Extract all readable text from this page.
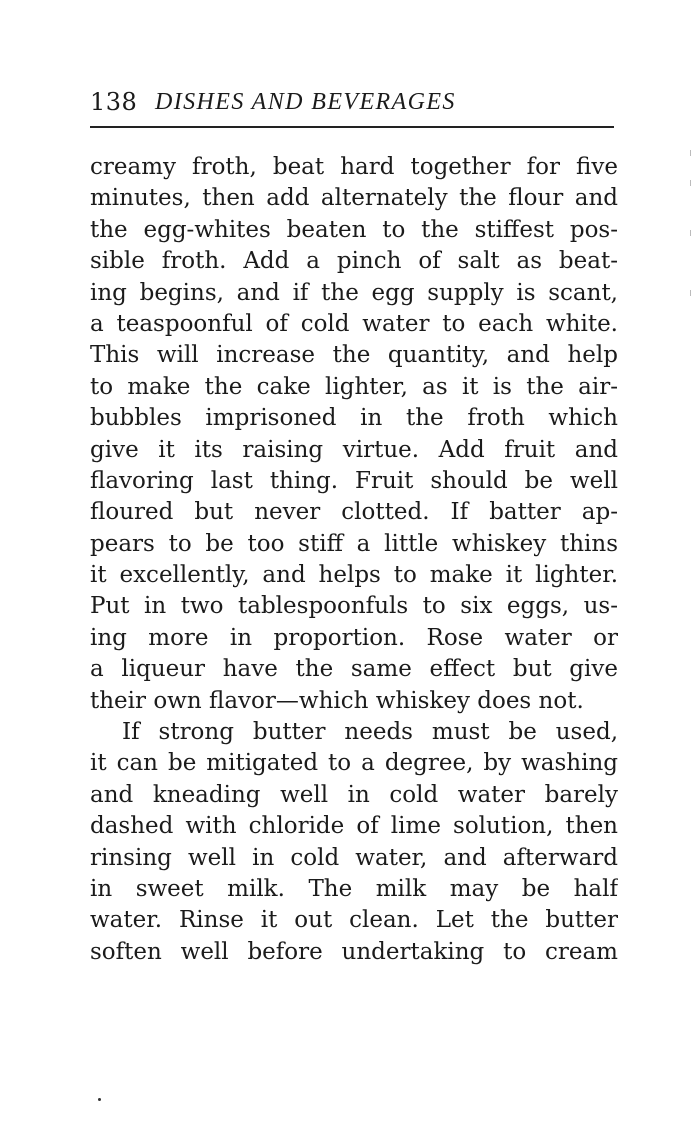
138 DISHES AND BEVERAGES
creamy froth, beat hard together for five
minutes, then add alternately the flour and
the egg-whites beaten to the stiffest pos-
sible froth. Add a pinch of salt as beat-
ing begins, and if the egg supply is scant,
a teaspoonful of cold water to each white.
This will increase the quantity, and help
to make the cake lighter, as it is the air-
bubbles imprisoned in the froth which
give it its raising virtue. Add fruit and
flavoring last thing. Fruit should be well
floured but never clotted. If batter ap-
pears to be too stiff a little whiskey thins
it excellently, and helps to make it lighter.
Put in two tablespoonfuls to six eggs, us-
ing more in proportion. Rose water or
a liqueur have the same effect but give
their own flavor—which whiskey does not.
If strong butter needs must be used,
it can be mitigated to a degree, by washing
and kneading well in cold water barely
dashed with chloride of lime solution, then
rinsing well in cold water, and afterward
in sweet milk. The milk may be half
water. Rinse it out clean. Let the butter
soften well before undertaking to cream
